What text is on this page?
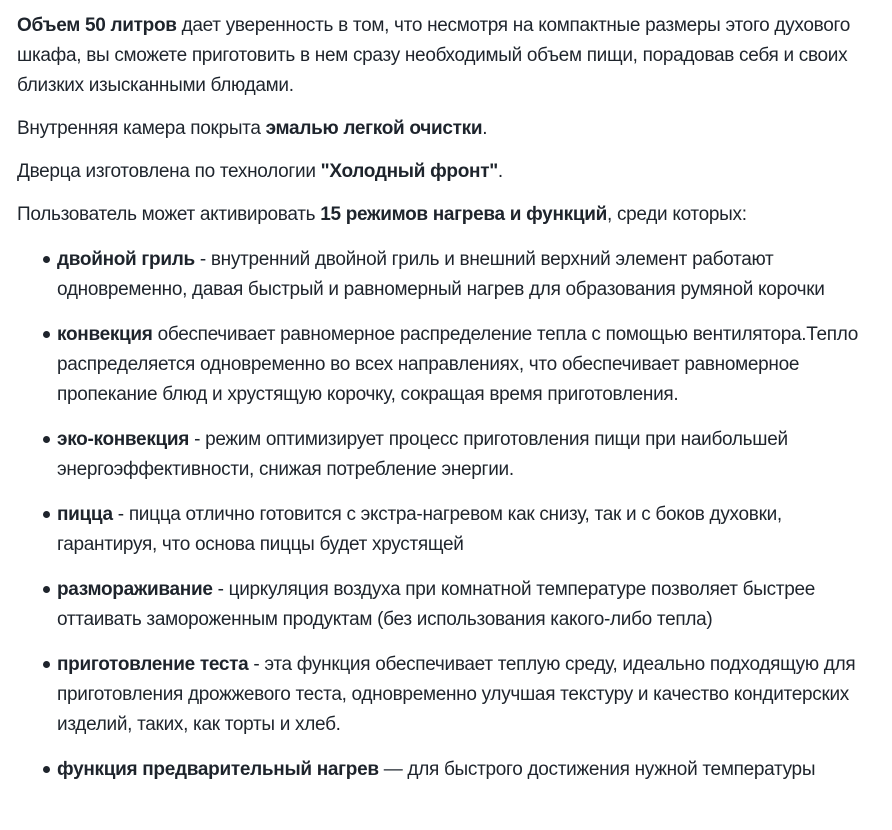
Объем 50 литров дает уверенность в том, что несмотря на компактные размеры этого духового шкафа, вы сможете приготовить в нем сразу необходимый объем пищи, порадовав себя и своих близких изысканными блюдами.

Внутренняя камера покрыта эмалью легкой очистки.

Дверца изготовлена по технологии "Холодный фронт".

Пользователь может активировать 15 режимов нагрева и функций, среди которых:

двойной гриль - внутренний двойной гриль и внешний верхний элемент работают одновременно, давая быстрый и равномерный нагрев для образования румяной корочки
конвекция обеспечивает равномерное распределение тепла с помощью вентилятора.Тепло распределяется одновременно во всех направлениях, что обеспечивает равномерное пропекание блюд и хрустящую корочку, сокращая время приготовления.
эко-конвекция - режим оптимизирует процесс приготовления пищи при наибольшей энергоэффективности, снижая потребление энергии.
пицца - пицца отлично готовится с экстра-нагревом как снизу, так и с боков духовки, гарантируя, что основа пиццы будет хрустящей
размораживание - циркуляция воздуха при комнатной температуре позволяет быстрее оттаивать замороженным продуктам (без использования какого-либо тепла)
приготовление теста - эта функция обеспечивает теплую среду, идеально подходящую для приготовления дрожжевого теста, одновременно улучшая текстуру и качество кондитерских изделий, таких, как торты и хлеб.
функция предварительный нагрев — для быстрого достижения нужной температуры
